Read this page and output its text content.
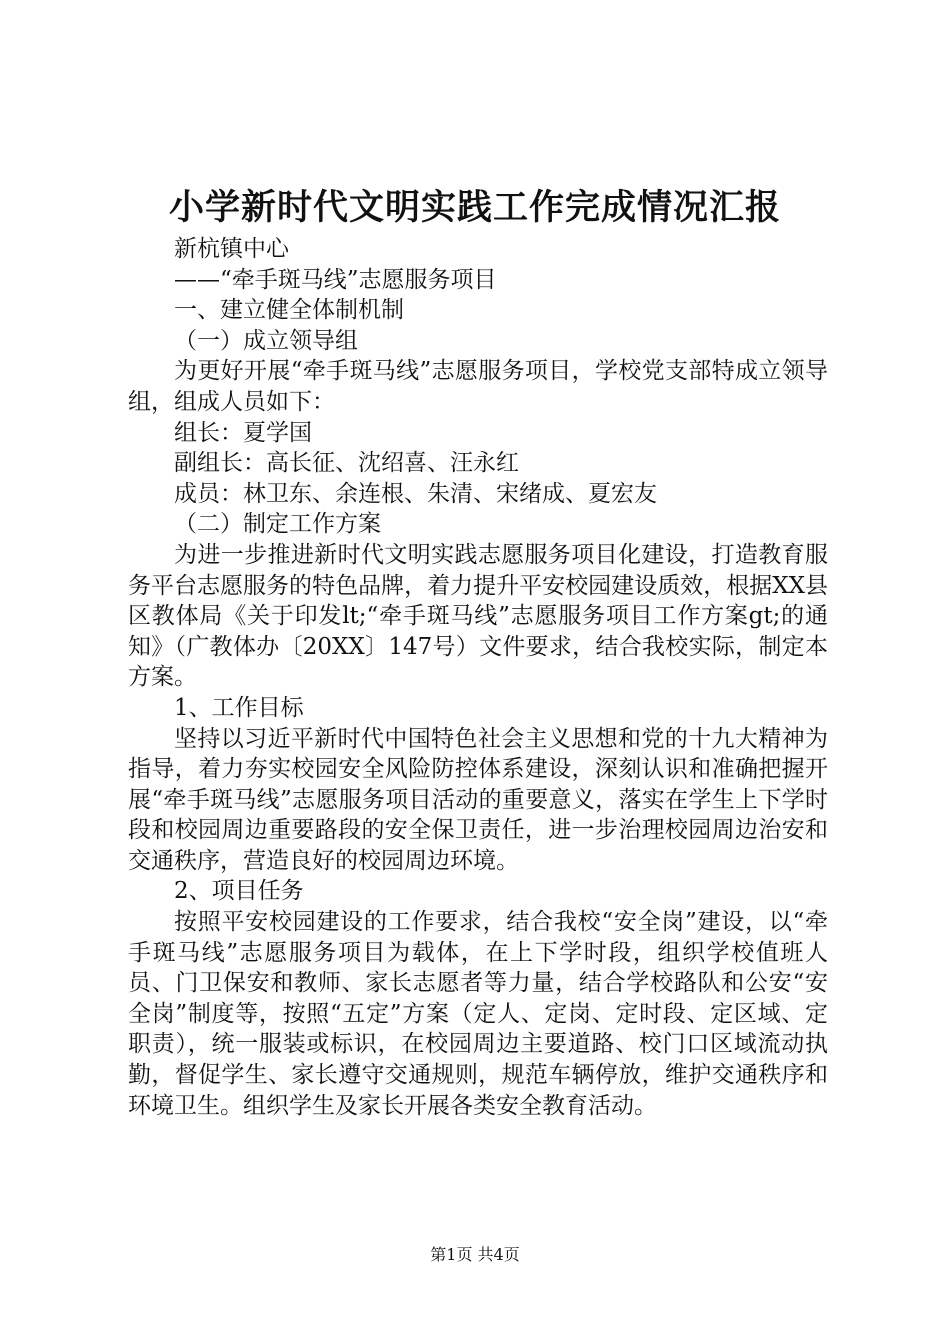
小学新时代文明实践工作完成情况汇报

新杭镇中心

——“牵手斑马线”志愿服务项目

一、建立健全体制机制

（一）成立领导组

为更好开展“牵手斑马线”志愿服务项目，学校党支部特成立领导组，组成人员如下：

组长：夏学国

副组长：高长征、沈绍喜、汪永红

成员：林卫东、余连根、朱清、宋绪成、夏宏友

（二）制定工作方案

为进一步推进新时代文明实践志愿服务项目化建设，打造教育服务平台志愿服务的特色品牌，着力提升平安校园建设质效，根据XX县区教体局《关于印发lt;“牵手斑马线”志愿服务项目工作方案gt;的通知》（广教体办〔20XX〕147号）文件要求，结合我校实际，制定本方案。

1、工作目标

坚持以习近平新时代中国特色社会主义思想和党的十九大精神为指导，着力夯实校园安全风险防控体系建设，深刻认识和准确把握开展“牵手斑马线”志愿服务项目活动的重要意义，落实在学生上下学时段和校园周边重要路段的安全保卫责任，进一步治理校园周边治安和交通秩序，营造良好的校园周边环境。

2、项目任务

按照平安校园建设的工作要求，结合我校“安全岗”建设，以“牵手斑马线”志愿服务项目为载体，在上下学时段，组织学校值班人员、门卫保安和教师、家长志愿者等力量，结合学校路队和公安“安全岗”制度等，按照“五定”方案（定人、定岗、定时段、定区域、定职责），统一服装或标识，在校园周边主要道路、校门口区域流动执勤，督促学生、家长遵守交通规则，规范车辆停放，维护交通秩序和环境卫生。组织学生及家长开展各类安全教育活动。

第1页 共4页
